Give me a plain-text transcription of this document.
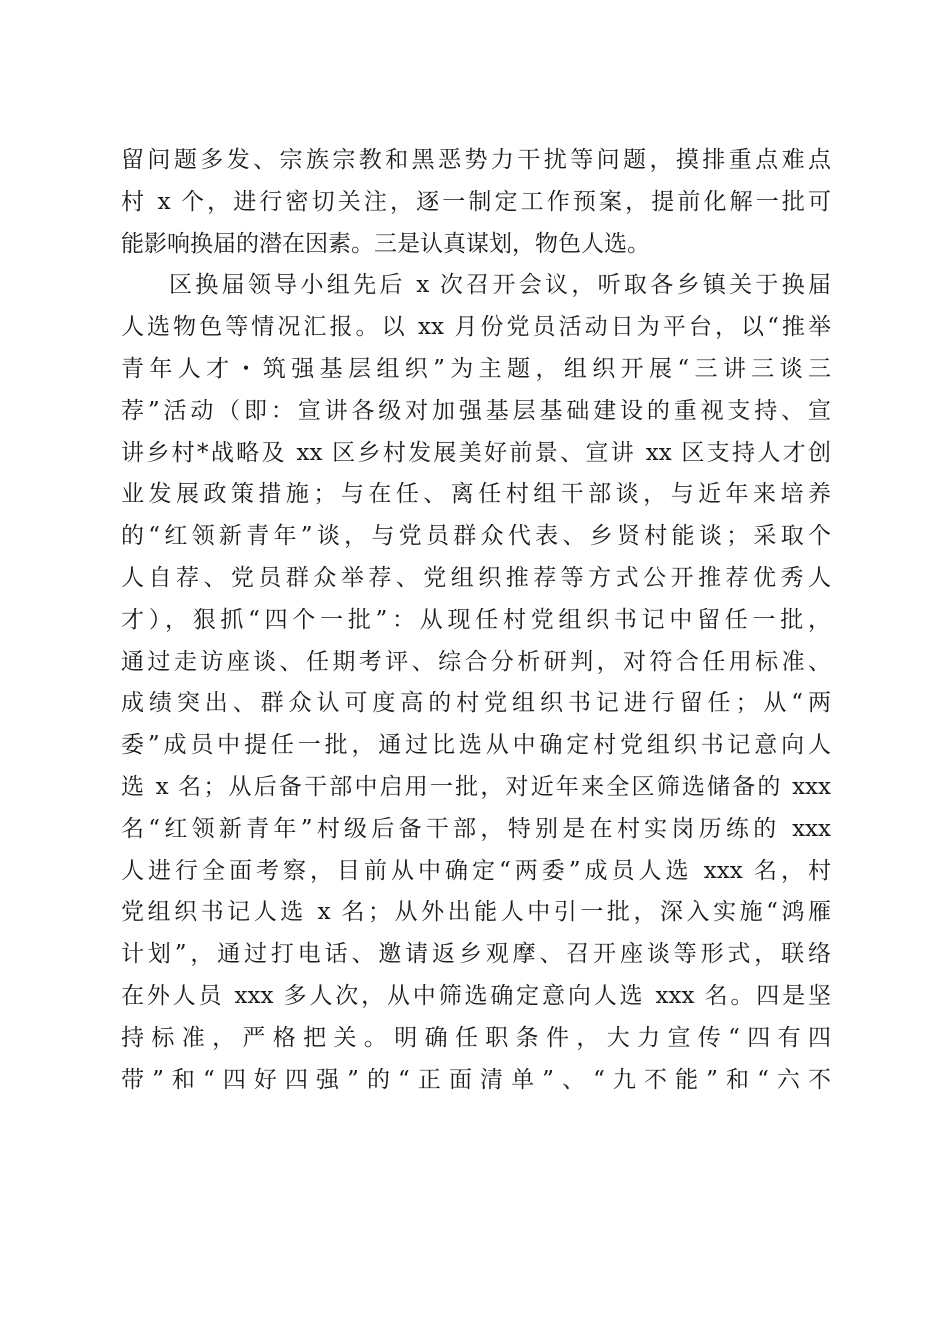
留问题多发、宗族宗教和黑恶势力干扰等问题，摸排重点难点
村 x 个，进行密切关注，逐一制定工作预案，提前化解一批可
能影响换届的潜在因素。三是认真谋划，物色人选。
区换届领导小组先后 x 次召开会议，听取各乡镇关于换届
人选物色等情况汇报。以 xx 月份党员活动日为平台，以“推举
青年人才・筑强基层组织”为主题，组织开展“三讲三谈三
荐”活动（即：宣讲各级对加强基层基础建设的重视支持、宣
讲乡村*战略及 xx 区乡村发展美好前景、宣讲 xx 区支持人才创
业发展政策措施；与在任、离任村组干部谈，与近年来培养
的“红领新青年”谈，与党员群众代表、乡贤村能谈；采取个
人自荐、党员群众举荐、党组织推荐等方式公开推荐优秀人
才），狠抓“四个一批”：从现任村党组织书记中留任一批，
通过走访座谈、任期考评、综合分析研判，对符合任用标准、
成绩突出、群众认可度高的村党组织书记进行留任；从“两
委”成员中提任一批，通过比选从中确定村党组织书记意向人
选 x 名；从后备干部中启用一批，对近年来全区筛选储备的 xxx
名“红领新青年”村级后备干部，特别是在村实岗历练的 xxx
人进行全面考察，目前从中确定“两委”成员人选 xxx 名，村
党组织书记人选 x 名；从外出能人中引一批，深入实施“鸿雁
计划”，通过打电话、邀请返乡观摩、召开座谈等形式，联络
在外人员 xxx 多人次，从中筛选确定意向人选 xxx 名。四是坚
持标准，严格把关。明确任职条件，大力宣传“四有四
带”和“四好四强”的“正面清单”、“九不能”和“六不
